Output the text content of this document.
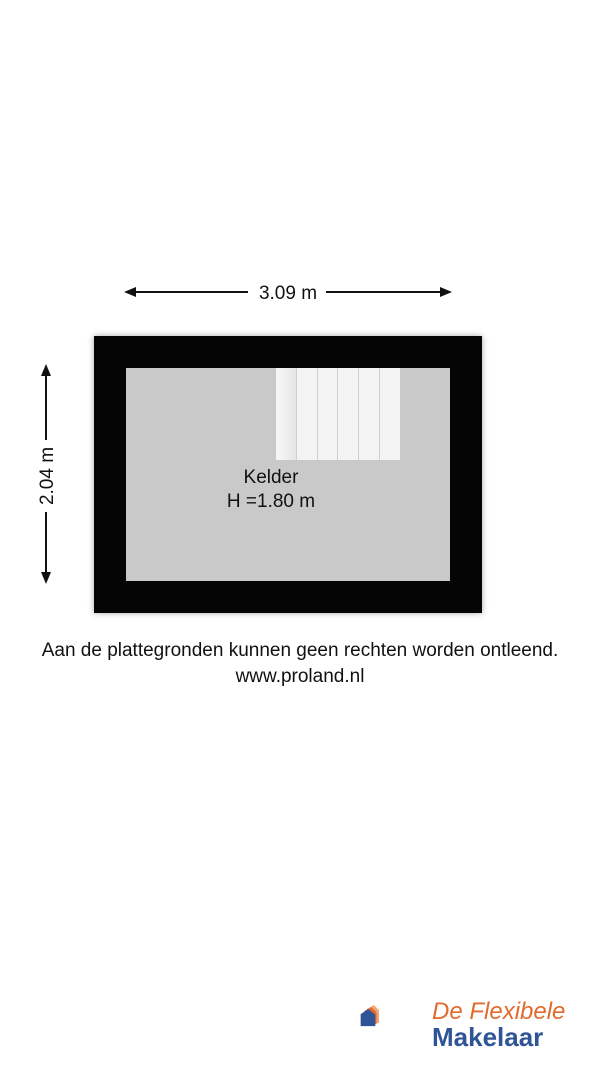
3.09 m
2.04 m	Kelder
H =1.80 m
Aan de plattegronden kunnen geen rechten worden ontleend.
www.proland.nl
De Flexibele
Makelaar
